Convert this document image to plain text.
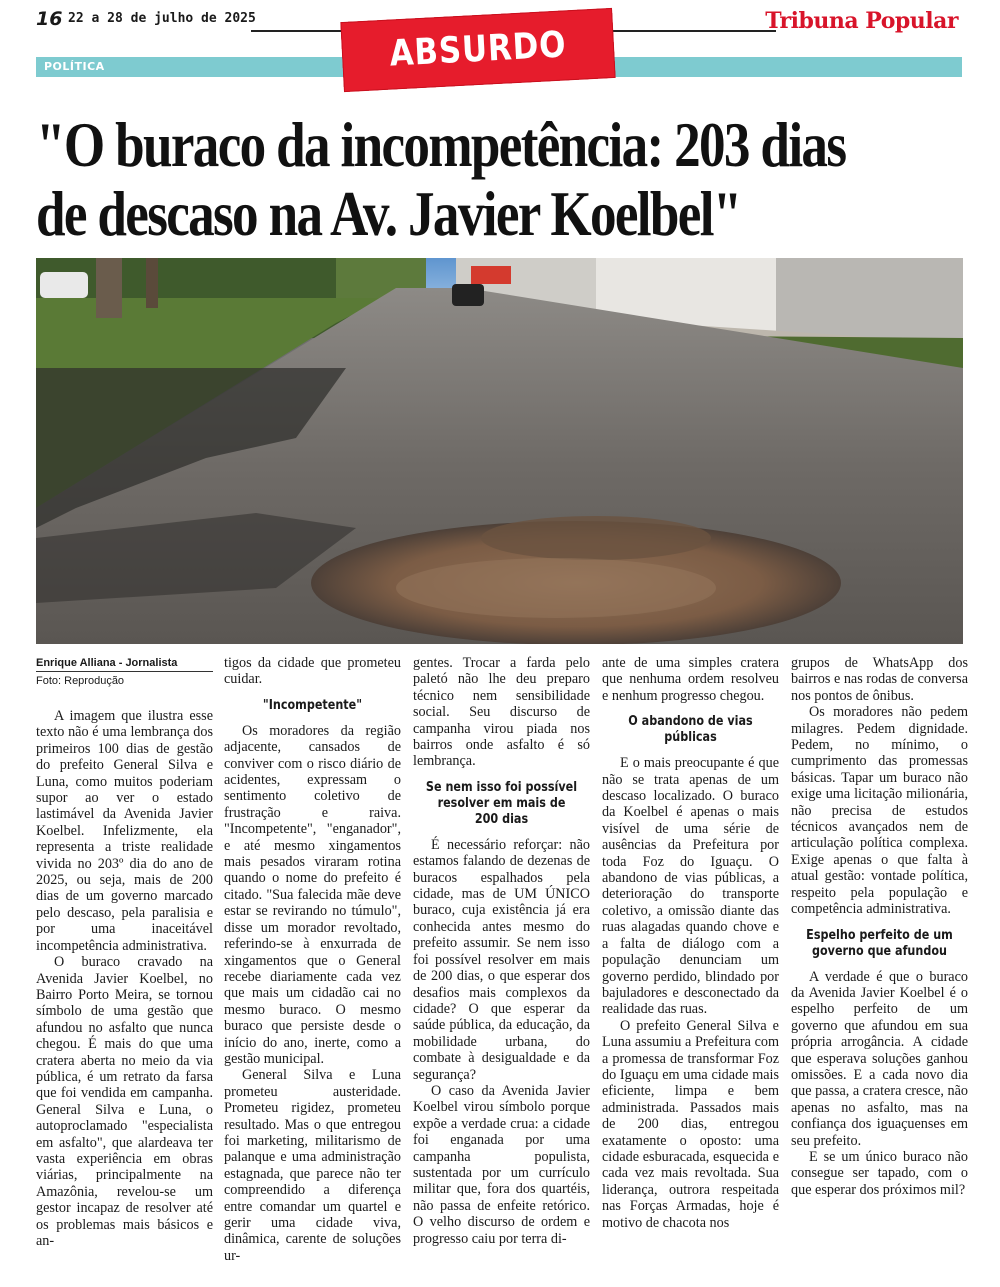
16 22 a 28 de julho de 2025	Tribuna Popular
POLÍTICA	ABSURDO
"O buraco da incompetência: 203 dias
de descaso na Av. Javier Koelbel"
Enrique Alliana - Jornalista
Foto: Reprodução

A imagem que ilustra esse texto não é uma lembrança dos primeiros 100 dias de gestão do prefeito General Silva e Luna, como muitos poderiam supor ao ver o estado lastimável da Avenida Javier Koelbel. Infelizmente, ela representa a triste realidade vivida no 203º dia do ano de 2025, ou seja, mais de 200 dias de um governo marcado pelo descaso, pela paralisia e por uma inaceitável incompetência administrativa.

O buraco cravado na Avenida Javier Koelbel, no Bairro Porto Meira, se tornou símbolo de uma gestão que afundou no asfalto que nunca chegou. É mais do que uma cratera aberta no meio da via pública, é um retrato da farsa que foi vendida em campanha. General Silva e Luna, o autoproclamado "especialista em asfalto", que alardeava ter vasta experiência em obras viárias, principalmente na Amazônia, revelou-se um gestor incapaz de resolver até os problemas mais básicos e an-

tigos da cidade que prometeu cuidar.

"Incompetente"

Os moradores da região adjacente, cansados de conviver com o risco diário de acidentes, expressam o sentimento coletivo de frustração e raiva. "Incompetente", "enganador", e até mesmo xingamentos mais pesados viraram rotina quando o nome do prefeito é citado. "Sua falecida mãe deve estar se revirando no túmulo", disse um morador revoltado, referindo-se à enxurrada de xingamentos que o General recebe diariamente cada vez que mais um cidadão cai no mesmo buraco. O mesmo buraco que persiste desde o início do ano, inerte, como a gestão municipal.

General Silva e Luna prometeu austeridade. Prometeu rigidez, prometeu resultado. Mas o que entregou foi marketing, militarismo de palanque e uma administração estagnada, que parece não ter compreendido a diferença entre comandar um quartel e gerir uma cidade viva, dinâmica, carente de soluções ur-

gentes. Trocar a farda pelo paletó não lhe deu preparo técnico nem sensibilidade social. Seu discurso de campanha virou piada nos bairros onde asfalto é só lembrança.

Se nem isso foi possível resolver em mais de 200 dias

É necessário reforçar: não estamos falando de dezenas de buracos espalhados pela cidade, mas de UM ÚNICO buraco, cuja existência já era conhecida antes mesmo do prefeito assumir. Se nem isso foi possível resolver em mais de 200 dias, o que esperar dos desafios mais complexos da cidade? O que esperar da saúde pública, da educação, da mobilidade urbana, do combate à desigualdade e da segurança?

O caso da Avenida Javier Koelbel virou símbolo porque expõe a verdade crua: a cidade foi enganada por uma campanha populista, sustentada por um currículo militar que, fora dos quartéis, não passa de enfeite retórico. O velho discurso de ordem e progresso caiu por terra di-

ante de uma simples cratera que nenhuma ordem resolveu e nenhum progresso chegou.

O abandono de vias públicas

E o mais preocupante é que não se trata apenas de um descaso localizado. O buraco da Koelbel é apenas o mais visível de uma série de ausências da Prefeitura por toda Foz do Iguaçu. O abandono de vias públicas, a deterioração do transporte coletivo, a omissão diante das ruas alagadas quando chove e a falta de diálogo com a população denunciam um governo perdido, blindado por bajuladores e desconectado da realidade das ruas.

O prefeito General Silva e Luna assumiu a Prefeitura com a promessa de transformar Foz do Iguaçu em uma cidade mais eficiente, limpa e bem administrada. Passados mais de 200 dias, entregou exatamente o oposto: uma cidade esburacada, esquecida e cada vez mais revoltada. Sua liderança, outrora respeitada nas Forças Armadas, hoje é motivo de chacota nos

grupos de WhatsApp dos bairros e nas rodas de conversa nos pontos de ônibus.

Os moradores não pedem milagres. Pedem dignidade. Pedem, no mínimo, o cumprimento das promessas básicas. Tapar um buraco não exige uma licitação milionária, não precisa de estudos técnicos avançados nem de articulação política complexa. Exige apenas o que falta à atual gestão: vontade política, respeito pela população e competência administrativa.

Espelho perfeito de um governo que afundou

A verdade é que o buraco da Avenida Javier Koelbel é o espelho perfeito de um governo que afundou em sua própria arrogância. A cidade que esperava soluções ganhou omissões. E a cada novo dia que passa, a cratera cresce, não apenas no asfalto, mas na confiança dos iguaçuenses em seu prefeito.

E se um único buraco não consegue ser tapado, com o que esperar dos próximos mil?
